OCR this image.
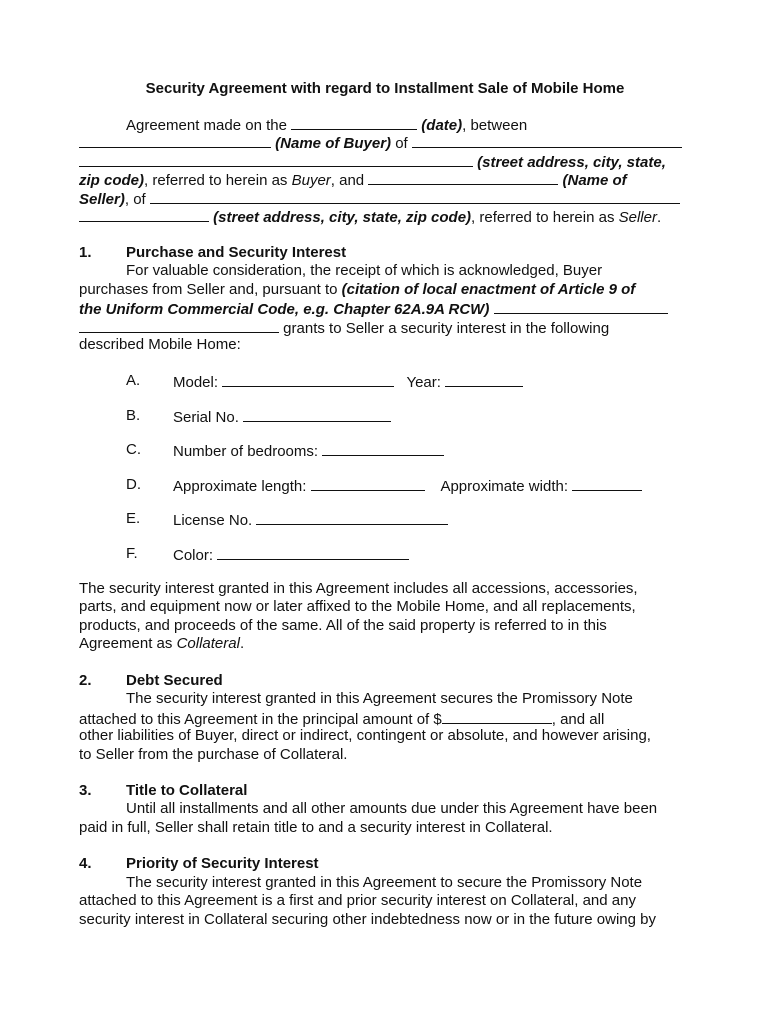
Security Agreement with regard to Installment Sale of Mobile Home
Agreement made on the	(date), between
(Name of Buyer) of
(street address, city, state,
zip code), referred to herein as Buyer, and	(Name of
Seller), of
(street address, city, state, zip code), referred to herein as Seller.
1. Purchase and Security Interest
For valuable consideration, the receipt of which is acknowledged, Buyer
purchases from Seller and, pursuant to (citation of local enactment of Article 9 of
the Uniform Commercial Code, e.g. Chapter 62A.9A RCW)
grants to Seller a security interest in the following
described Mobile Home:
A. Model:	Year:
B. Serial No.
C. Number of bedrooms:
D. Approximate length:	Approximate width:
E. License No.
F. Color:
The security interest granted in this Agreement includes all accessions, accessories,
parts, and equipment now or later affixed to the Mobile Home, and all replacements,
products, and proceeds of the same. All of the said property is referred to in this
Agreement as Collateral.
2. Debt Secured
The security interest granted in this Agreement secures the Promissory Note
attached to this Agreement in the principal amount of $	, and all
other liabilities of Buyer, direct or indirect, contingent or absolute, and however arising,
to Seller from the purchase of Collateral.
3. Title to Collateral
Until all installments and all other amounts due under this Agreement have been
paid in full, Seller shall retain title to and a security interest in Collateral.
4. Priority of Security Interest
The security interest granted in this Agreement to secure the Promissory Note
attached to this Agreement is a first and prior security interest on Collateral, and any
security interest in Collateral securing other indebtedness now or in the future owing by
